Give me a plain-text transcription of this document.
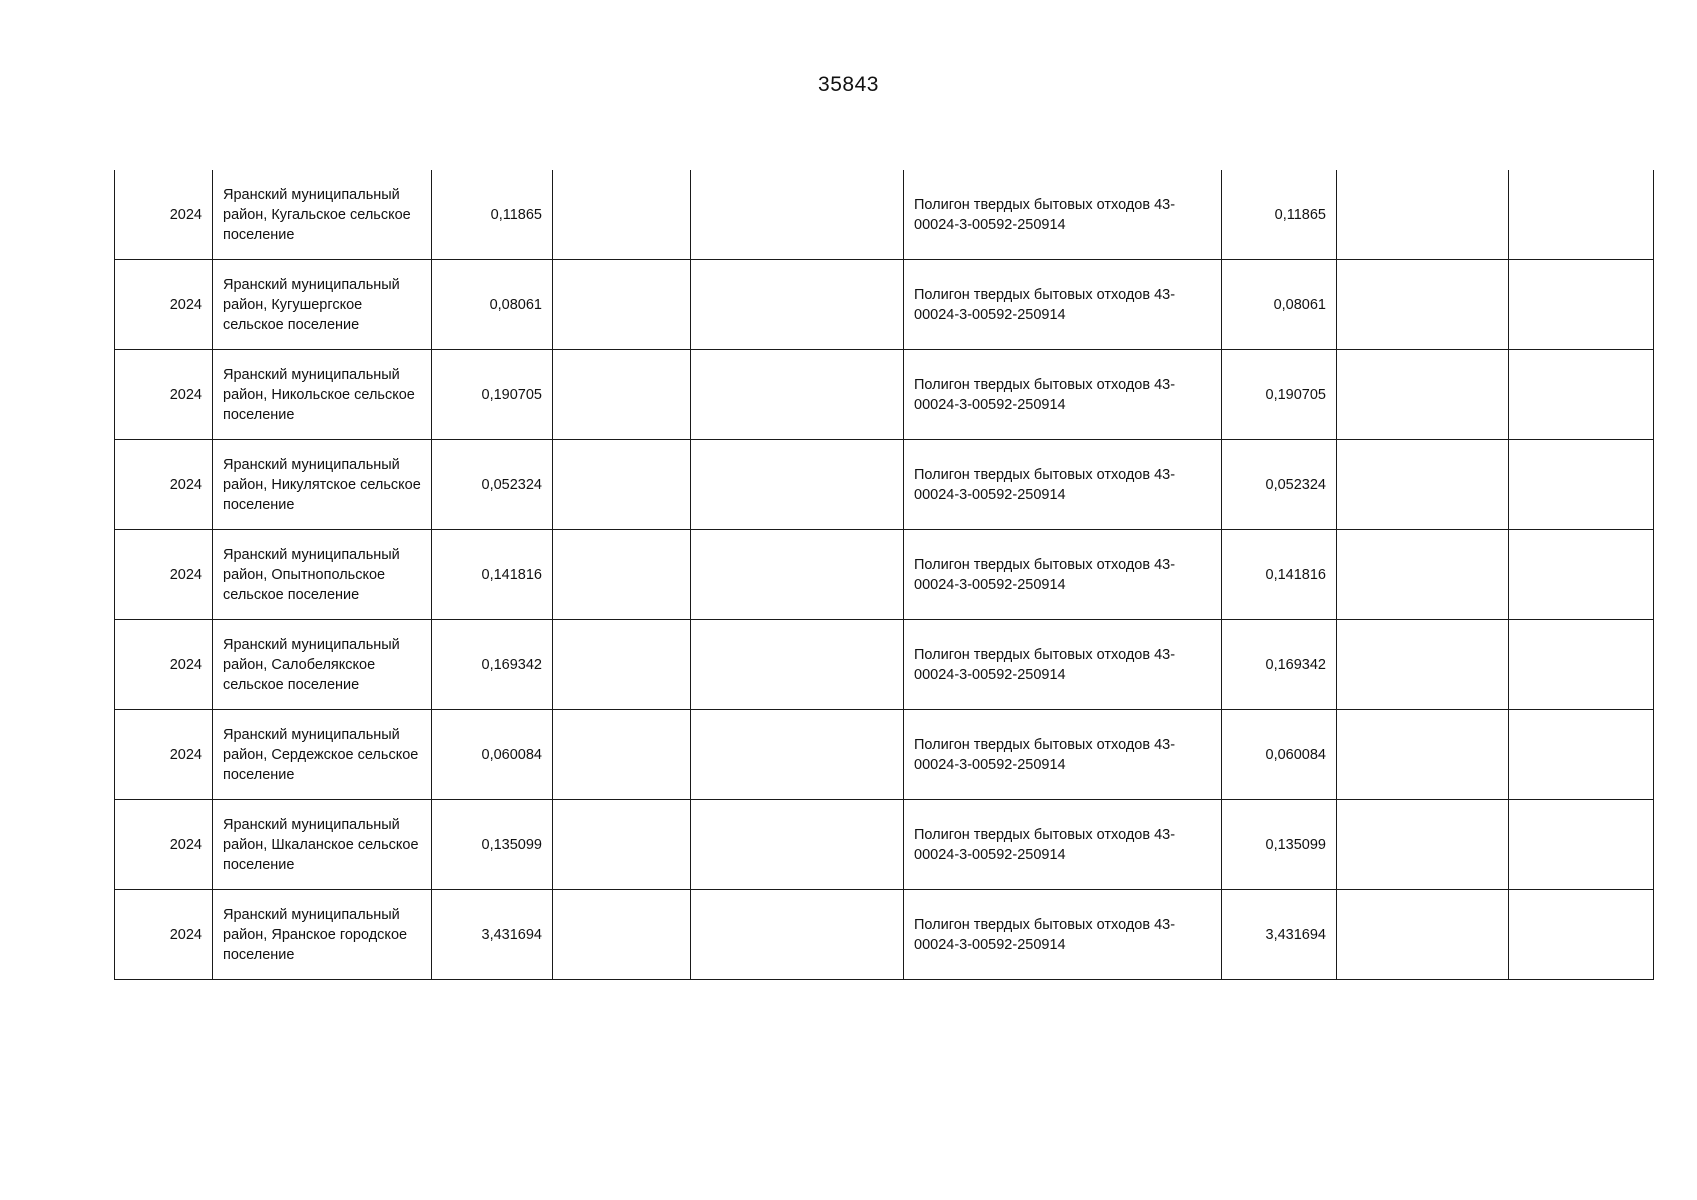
35843
2024	Яранский муниципальный район, Кугальское сельское поселение	0,11865			Полигон твердых бытовых отходов 43-00024-3-00592-250914	0,11865		
2024	Яранский муниципальный район, Кугушергское сельское поселение	0,08061			Полигон твердых бытовых отходов 43-00024-3-00592-250914	0,08061		
2024	Яранский муниципальный район, Никольское сельское поселение	0,190705			Полигон твердых бытовых отходов 43-00024-3-00592-250914	0,190705		
2024	Яранский муниципальный район, Никулятское сельское поселение	0,052324			Полигон твердых бытовых отходов 43-00024-3-00592-250914	0,052324		
2024	Яранский муниципальный район, Опытнопольское сельское поселение	0,141816			Полигон твердых бытовых отходов 43-00024-3-00592-250914	0,141816		
2024	Яранский муниципальный район, Салобелякское сельское поселение	0,169342			Полигон твердых бытовых отходов 43-00024-3-00592-250914	0,169342		
2024	Яранский муниципальный район, Сердежское сельское поселение	0,060084			Полигон твердых бытовых отходов 43-00024-3-00592-250914	0,060084		
2024	Яранский муниципальный район, Шкаланское сельское поселение	0,135099			Полигон твердых бытовых отходов 43-00024-3-00592-250914	0,135099		
2024	Яранский муниципальный район, Яранское городское поселение	3,431694			Полигон твердых бытовых отходов 43-00024-3-00592-250914	3,431694		
